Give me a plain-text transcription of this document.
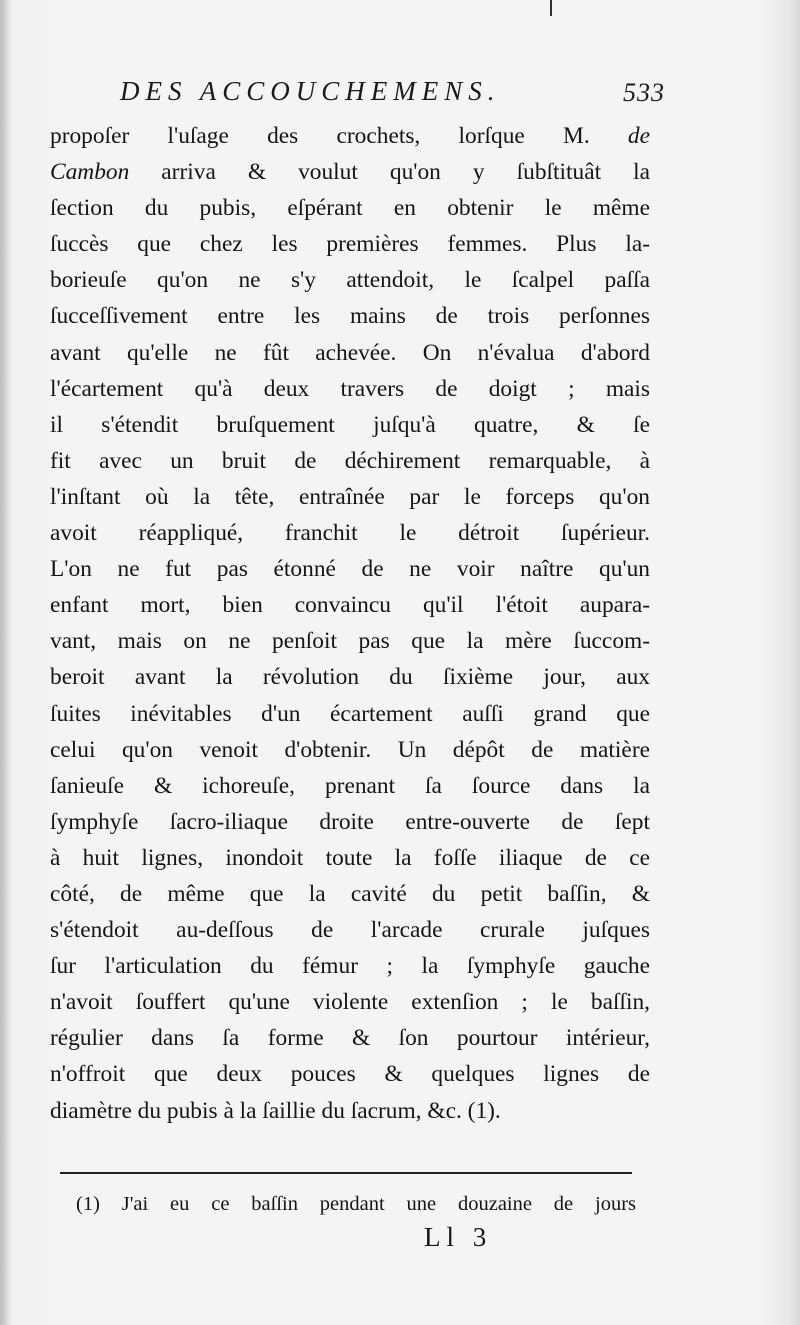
DES ACCOUCHEMENS.	533
propoſer l'uſage des crochets, lorſque M. de
Cambon arriva & voulut qu'on y ſubſtituât la
ſection du pubis, eſpérant en obtenir le même
ſuccès que chez les premières femmes. Plus la-
borieuſe qu'on ne s'y attendoit, le ſcalpel paſſa
ſucceſſivement entre les mains de trois perſonnes
avant qu'elle ne fût achevée. On n'évalua d'abord
l'écartement qu'à deux travers de doigt ; mais
il s'étendit bruſquement juſqu'à quatre, & ſe
fit avec un bruit de déchirement remarquable, à
l'inſtant où la tête, entraînée par le forceps qu'on
avoit réappliqué, franchit le détroit ſupérieur.
L'on ne fut pas étonné de ne voir naître qu'un
enfant mort, bien convaincu qu'il l'étoit aupara-
vant, mais on ne penſoit pas que la mère ſuccom-
beroit avant la révolution du ſixième jour, aux
ſuites inévitables d'un écartement auſſi grand que
celui qu'on venoit d'obtenir. Un dépôt de matière
ſanieuſe & ichoreuſe, prenant ſa ſource dans la
ſymphyſe ſacro-iliaque droite entre-ouverte de ſept
à huit lignes, inondoit toute la foſſe iliaque de ce
côté, de même que la cavité du petit baſſin, &
s'étendoit au-deſſous de l'arcade crurale juſques
ſur l'articulation du fémur ; la ſymphyſe gauche
n'avoit ſouffert qu'une violente extenſion ; le baſſin,
régulier dans ſa forme & ſon pourtour intérieur,
n'offroit que deux pouces & quelques lignes de
diamètre du pubis à la ſaillie du ſacrum, &c. (1).
(1) J'ai eu ce baſſin pendant une douzaine de jours
Ll 3
